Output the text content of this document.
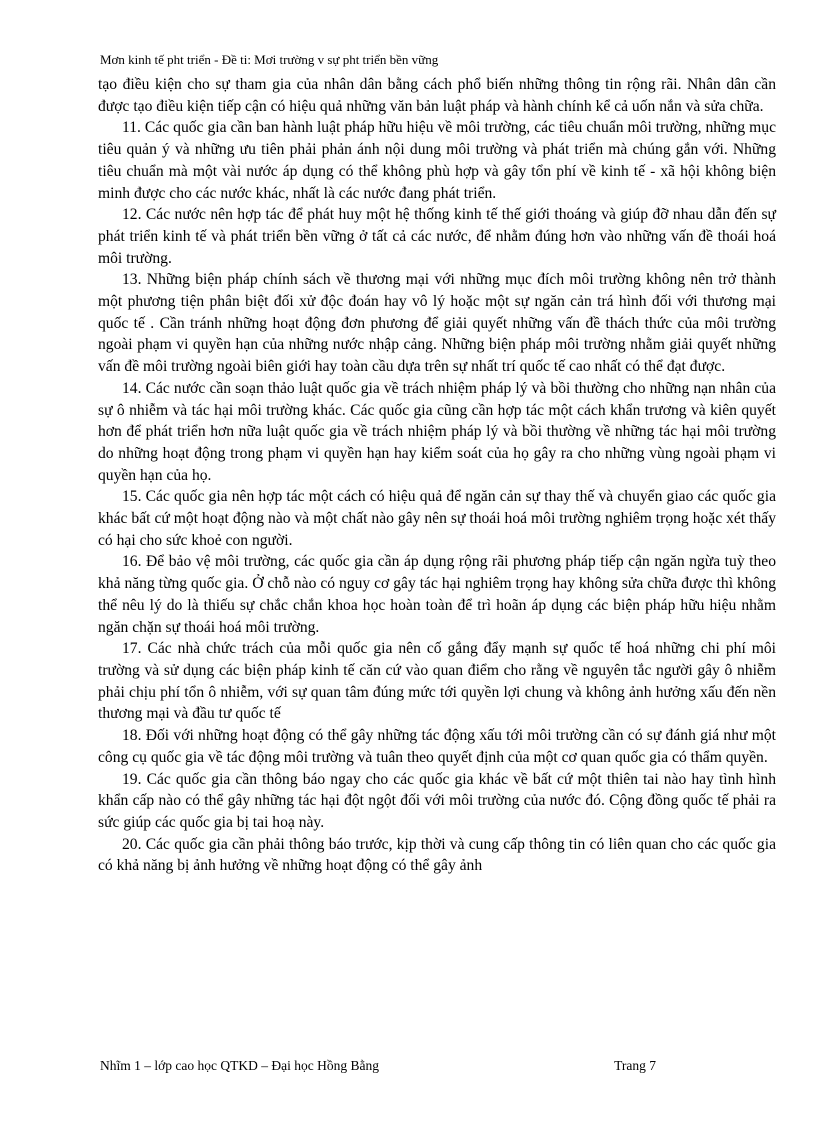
Mơn kinh tế pht triển - Đề ti: Mơi trường v sự pht triển bền vững

tạo điều kiện cho sự tham gia của nhân dân bằng cách phổ biến những thông tin rộng rãi. Nhân dân cần được tạo điều kiện tiếp cận có hiệu quả những văn bản luật pháp và hành chính kể cả uốn nắn và sửa chữa.

11. Các quốc gia cần ban hành luật pháp hữu hiệu về môi trường, các tiêu chuẩn môi trường, những mục tiêu quản ý và những ưu tiên phải phản ánh nội dung môi trường và phát triển mà chúng gắn với. Những tiêu chuẩn mà một vài nước áp dụng có thể không phù hợp và gây tổn phí về kinh tế - xã hội không biện minh được cho các nước khác, nhất là các nước đang phát triển.

12. Các nước nên hợp tác để phát huy một hệ thống kinh tế thế giới thoáng và giúp đỡ nhau dẫn đến sự phát triển kinh tế và phát triển bền vững ở tất cả các nước, để nhằm đúng hơn vào những vấn đề thoái hoá môi trường.

13. Những biện pháp chính sách về thương mại với những mục đích môi trường không nên trở thành một phương tiện phân biệt đối xử độc đoán hay vô lý hoặc một sự ngăn cản trá hình đối với thương mại quốc tế . Cần tránh những hoạt động đơn phương để giải quyết những vấn đề thách thức của môi trường ngoài phạm vi quyền hạn của những nước nhập cảng. Những biện pháp môi trường nhằm giải quyết những vấn đề môi trường ngoài biên giới hay toàn cầu dựa trên sự nhất trí quốc tế cao nhất có thể đạt được.

14. Các nước cần soạn thảo luật quốc gia về trách nhiệm pháp lý và bồi thường cho những nạn nhân của sự ô nhiễm và tác hại môi trường khác. Các quốc gia cũng cần hợp tác một cách khẩn trương và kiên quyết hơn để phát triển hơn nữa luật quốc gia về trách nhiệm pháp lý và bồi thường về những tác hại môi trường do những hoạt động trong phạm vi quyền hạn hay kiểm soát của họ gây ra cho những vùng ngoài phạm vi quyền hạn của họ.

15. Các quốc gia nên hợp tác một cách có hiệu quả để ngăn cản sự thay thế và chuyển giao các quốc gia khác bất cứ một hoạt động nào và một chất nào gây nên sự thoái hoá môi trường nghiêm trọng hoặc xét thấy có hại cho sức khoẻ con người.

16. Để bảo vệ môi trường, các quốc gia cần áp dụng rộng rãi phương pháp tiếp cận ngăn ngừa tuỳ theo khả năng từng quốc gia. Ở chỗ nào có nguy cơ gây tác hại nghiêm trọng hay không sửa chữa được thì không thể nêu lý do là thiếu sự chắc chắn khoa học hoàn toàn để trì hoãn áp dụng các biện pháp hữu hiệu nhằm ngăn chặn sự thoái hoá môi trường.

17. Các nhà chức trách của mỗi quốc gia nên cố gắng đẩy mạnh sự quốc tế hoá những chi phí môi trường và sử dụng các biện pháp kinh tế căn cứ vào quan điểm cho rằng về nguyên tắc người gây ô nhiễm phải chịu phí tổn ô nhiễm, với sự quan tâm đúng mức tới quyền lợi chung và không ảnh hưởng xấu đến nền thương mại và đầu tư quốc tế

18. Đối với những hoạt động có thể gây những tác động xấu tới môi trường cần có sự đánh giá như một công cụ quốc gia về tác động môi trường và tuân theo quyết định của một cơ quan quốc gia có thẩm quyền.

19. Các quốc gia cần thông báo ngay cho các quốc gia khác về bất cứ một thiên tai nào hay tình hình khẩn cấp nào có thể gây những tác hại đột ngột đối với môi trường của nước đó. Cộng đồng quốc tế phải ra sức giúp các quốc gia bị tai hoạ này.

20. Các quốc gia cần phải thông báo trước, kịp thời và cung cấp thông tin có liên quan cho các quốc gia có khả năng bị ảnh hưởng về những hoạt động có thể gây ảnh

Nhĩm 1 – lớp cao học QTKD – Đại học Hồng Bằng	Trang 7
